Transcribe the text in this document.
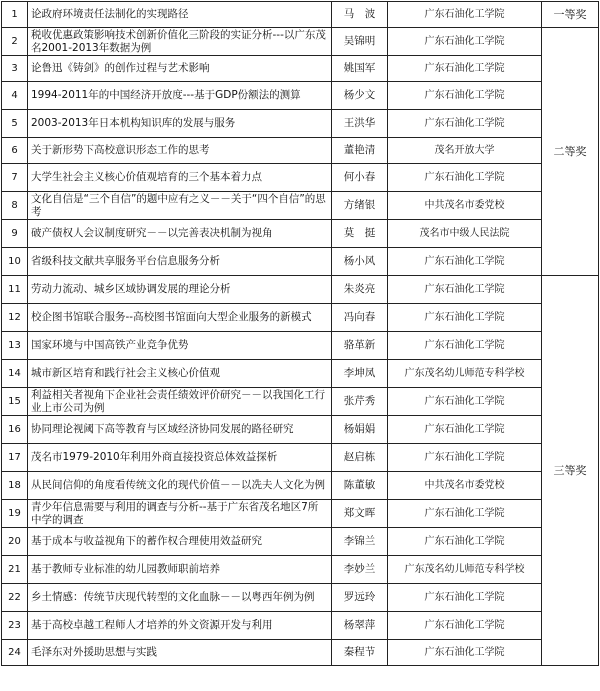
1	论政府环境责任法制化的实现路径	马　波	广东石油化工学院	一等奖
2	税收优惠政策影响技术创新价值化三阶段的实证分析---以广东茂名2001-2013年数据为例	吴锦明	广东石油化工学院	二等奖
3	论鲁迅《铸剑》的创作过程与艺术影响	姚国军	广东石油化工学院	
4	1994-2011年的中国经济开放度---基于GDP份额法的测算	杨少文	广东石油化工学院	
5	2003-2013年日本机构知识库的发展与服务	王洪华	广东石油化工学院	
6	关于新形势下高校意识形态工作的思考	董艳清	茂名开放大学	
7	大学生社会主义核心价值观培育的三个基本着力点	何小春	广东石油化工学院	
8	文化自信是“三个自信”的题中应有之义－－关于“四个自信”的思考	方绪银	中共茂名市委党校	
9	破产债权人会议制度研究－－以完善表决机制为视角	莫　挺	茂名市中级人民法院	
10	省级科技文献共享服务平台信息服务分析	杨小风	广东石油化工学院	
11	劳动力流动、城乡区域协调发展的理论分析	朱炎亮	广东石油化工学院	三等奖
12	校企图书馆联合服务--高校图书馆面向大型企业服务的新模式	冯向春	广东石油化工学院	
13	国家环境与中国高铁产业竞争优势	骆革新	广东石油化工学院	
14	城市新区培育和践行社会主义核心价值观	李坤凤	广东茂名幼儿师范专科学校	
15	利益相关者视角下企业社会责任绩效评价研究－－以我国化工行业上市公司为例	张芹秀	广东石油化工学院	
16	协同理论视阈下高等教育与区域经济协同发展的路径研究	杨娟娟	广东石油化工学院	
17	茂名市1979-2010年利用外商直接投资总体效益探析	赵启栋	广东石油化工学院	
18	从民间信仰的角度看传统文化的现代价值－－以冼夫人文化为例	陈董敏	中共茂名市委党校	
19	青少年信息需要与利用的调查与分析--基于广东省茂名地区7所中学的调查	郑文晖	广东石油化工学院	
20	基于成本与收益视角下的蓄作权合理使用效益研究	李锦兰	广东石油化工学院	
21	基于教师专业标准的幼儿园教师职前培养	李妙兰	广东茂名幼儿师范专科学校	
22	乡土情感：传统节庆现代转型的文化血脉－－以粤西年例为例	罗远玲	广东石油化工学院	
23	基于高校卓越工程师人才培养的外文资源开发与利用	杨翠萍	广东石油化工学院	
24	毛泽东对外援助思想与实践	秦程节	广东石油化工学院	
